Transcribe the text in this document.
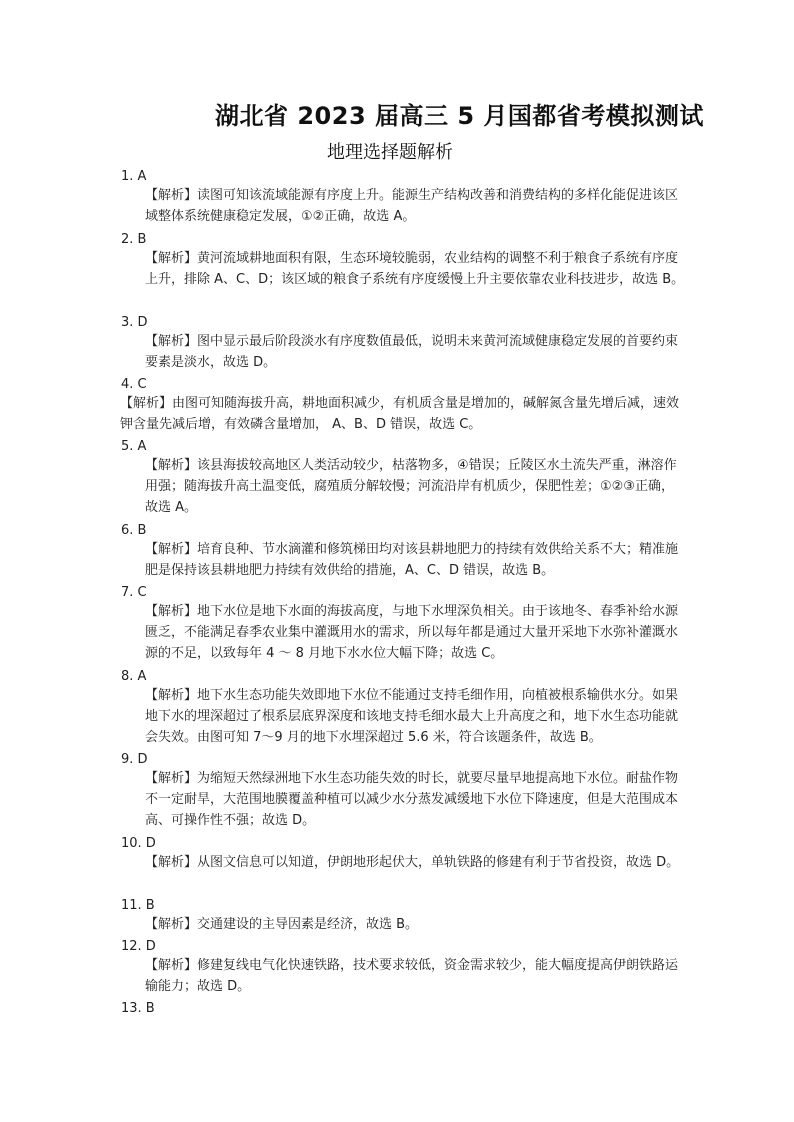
湖北省 2023 届高三 5 月国都省考模拟测试
地理选择题解析
1. A
【解析】读图可知该流域能源有序度上升。能源生产结构改善和消费结构的多样化能促进该区域整体系统健康稳定发展，①②正确，故选 A。
2. B
【解析】黄河流域耕地面积有限，生态环境较脆弱，农业结构的调整不利于粮食子系统有序度上升，排除 A、C、D；该区域的粮食子系统有序度缓慢上升主要依靠农业科技进步，故选 B。
3. D
【解析】图中显示最后阶段淡水有序度数值最低，说明未来黄河流域健康稳定发展的首要约束要素是淡水，故选 D。
4. C
【解析】由图可知随海拔升高，耕地面积减少，有机质含量是增加的，碱解氮含量先增后减，速效钾含量先减后增，有效磷含量增加， A、B、D 错误，故选 C。
5. A
【解析】该县海拔较高地区人类活动较少，枯落物多，④错误；丘陵区水土流失严重，淋溶作用强；随海拔升高土温变低，腐殖质分解较慢；河流沿岸有机质少，保肥性差；①②③正确，故选 A。
6. B
【解析】培育良种、节水滴灌和修筑梯田均对该县耕地肥力的持续有效供给关系不大；精准施肥是保持该县耕地肥力持续有效供给的措施，A、C、D 错误，故选 B。
7. C
【解析】地下水位是地下水面的海拔高度，与地下水埋深负相关。由于该地冬、春季补给水源匮乏，不能满足春季农业集中灌溉用水的需求，所以每年都是通过大量开采地下水弥补灌溉水源的不足，以致每年 4 ～ 8 月地下水水位大幅下降；故选 C。
8. A
【解析】地下水生态功能失效即地下水位不能通过支持毛细作用，向植被根系输供水分。如果地下水的埋深超过了根系层底界深度和该地支持毛细水最大上升高度之和，地下水生态功能就会失效。由图可知 7～9 月的地下水埋深超过 5.6 米，符合该题条件，故选 B。
9. D
【解析】为缩短天然绿洲地下水生态功能失效的时长，就要尽量早地提高地下水位。耐盐作物不一定耐旱，大范围地膜覆盖种植可以减少水分蒸发减缓地下水位下降速度，但是大范围成本高、可操作性不强；故选 D。
10. D
【解析】从图文信息可以知道，伊朗地形起伏大，单轨铁路的修建有利于节省投资，故选 D。
11. B
【解析】交通建设的主导因素是经济，故选 B。
12. D
【解析】修建复线电气化快速铁路，技术要求较低，资金需求较少，能大幅度提高伊朗铁路运输能力；故选 D。
13. B
